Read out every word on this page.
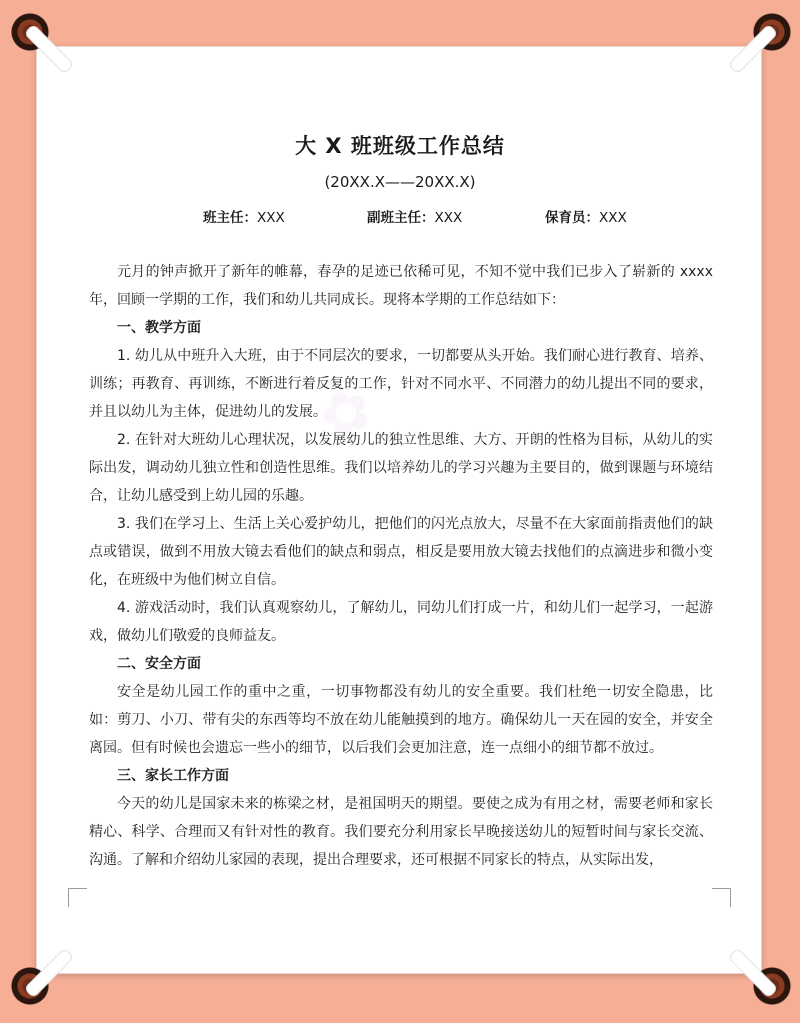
大 X 班班级工作总结
(20XX.X——20XX.X)
班主任：XXX	副班主任：XXX	保育员：XXX

元月的钟声掀开了新年的帷幕，春孕的足迹已依稀可见，不知不觉中我们已步入了崭新的 xxxx 年，回顾一学期的工作，我们和幼儿共同成长。现将本学期的工作总结如下：

一、教学方面

1. 幼儿从中班升入大班，由于不同层次的要求，一切都要从头开始。我们耐心进行教育、培养、训练；再教育、再训练，不断进行着反复的工作，针对不同水平、不同潜力的幼儿提出不同的要求，并且以幼儿为主体，促进幼儿的发展。

2. 在针对大班幼儿心理状况，以发展幼儿的独立性思维、大方、开朗的性格为目标，从幼儿的实际出发，调动幼儿独立性和创造性思维。我们以培养幼儿的学习兴趣为主要目的，做到课题与环境结合，让幼儿感受到上幼儿园的乐趣。

3. 我们在学习上、生活上关心爱护幼儿，把他们的闪光点放大，尽量不在大家面前指责他们的缺点或错误，做到不用放大镜去看他们的缺点和弱点，相反是要用放大镜去找他们的点滴进步和微小变化，在班级中为他们树立自信。

4. 游戏活动时，我们认真观察幼儿，了解幼儿，同幼儿们打成一片，和幼儿们一起学习，一起游戏，做幼儿们敬爱的良师益友。

二、安全方面

安全是幼儿园工作的重中之重，一切事物都没有幼儿的安全重要。我们杜绝一切安全隐患，比如：剪刀、小刀、带有尖的东西等均不放在幼儿能触摸到的地方。确保幼儿一天在园的安全，并安全离园。但有时候也会遗忘一些小的细节，以后我们会更加注意，连一点细小的细节都不放过。

三、家长工作方面

今天的幼儿是国家未来的栋梁之材，是祖国明天的期望。要使之成为有用之材，需要老师和家长精心、科学、合理而又有针对性的教育。我们要充分利用家长早晚接送幼儿的短暂时间与家长交流、沟通。了解和介绍幼儿家园的表现，提出合理要求，还可根据不同家长的特点，从实际出发，
